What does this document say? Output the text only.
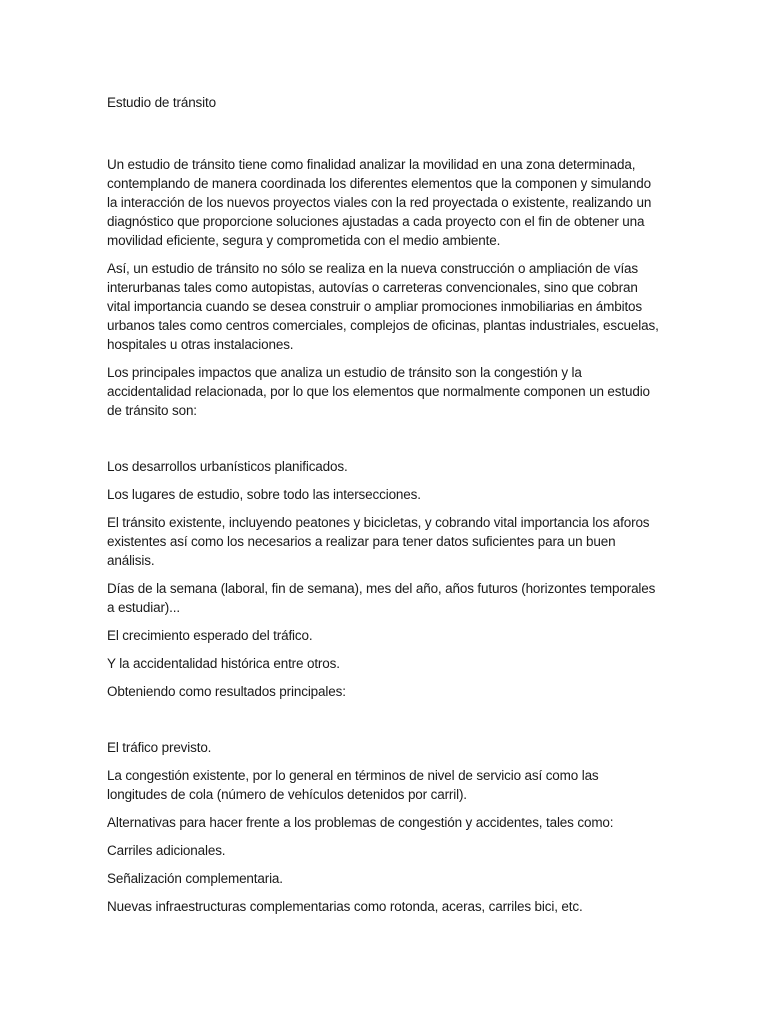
Estudio de tránsito

Un estudio de tránsito tiene como finalidad analizar la movilidad en una zona determinada, contemplando de manera coordinada los diferentes elementos que la componen y simulando la interacción de los nuevos proyectos viales con la red proyectada o existente, realizando un diagnóstico que proporcione soluciones ajustadas a cada proyecto con el fin de obtener una movilidad eficiente, segura y comprometida con el medio ambiente.

Así, un estudio de tránsito no sólo se realiza en la nueva construcción o ampliación de vías interurbanas tales como autopistas, autovías o carreteras convencionales, sino que cobran vital importancia cuando se desea construir o ampliar promociones inmobiliarias en ámbitos urbanos tales como centros comerciales, complejos de oficinas, plantas industriales, escuelas, hospitales u otras instalaciones.

Los principales impactos que analiza un estudio de tránsito son la congestión y la accidentalidad relacionada, por lo que los elementos que normalmente componen un estudio de tránsito son:

Los desarrollos urbanísticos planificados.

Los lugares de estudio, sobre todo las intersecciones.

El tránsito existente, incluyendo peatones y bicicletas, y cobrando vital importancia los aforos existentes así como los necesarios a realizar para tener datos suficientes para un buen análisis.

Días de la semana (laboral, fin de semana), mes del año, años futuros (horizontes temporales a estudiar)...

El crecimiento esperado del tráfico.

Y la accidentalidad histórica entre otros.

Obteniendo como resultados principales:

El tráfico previsto.

La congestión existente, por lo general en términos de nivel de servicio así como las longitudes de cola (número de vehículos detenidos por carril).

Alternativas para hacer frente a los problemas de congestión y accidentes, tales como:

Carriles adicionales.

Señalización complementaria.

Nuevas infraestructuras complementarias como rotonda, aceras, carriles bici, etc.
